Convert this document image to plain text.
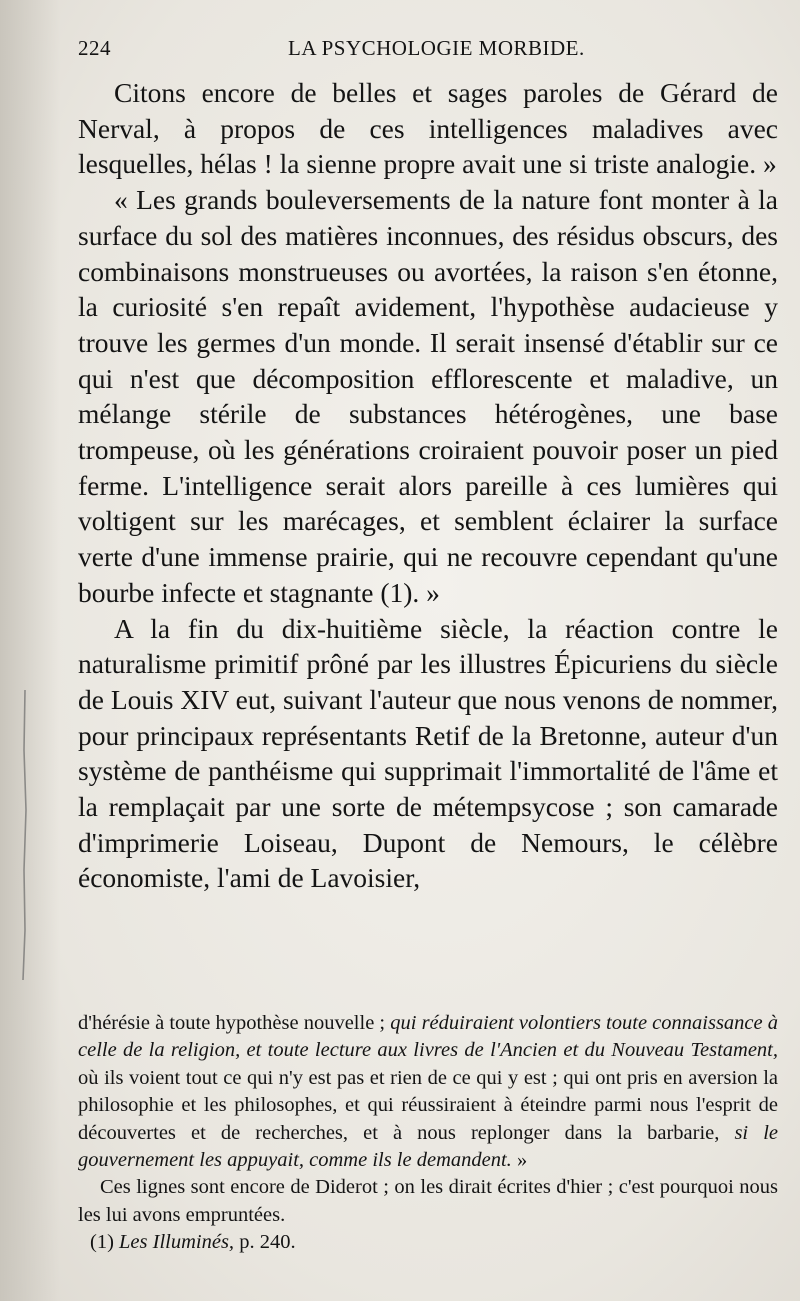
224	LA PSYCHOLOGIE MORBIDE.

Citons encore de belles et sages paroles de Gérard de Nerval, à propos de ces intelligences maladives avec lesquelles, hélas ! la sienne propre avait une si triste analogie. »

« Les grands bouleversements de la nature font monter à la surface du sol des matières inconnues, des résidus obscurs, des combinaisons monstrueuses ou avortées, la raison s'en étonne, la curiosité s'en repaît avidement, l'hypothèse audacieuse y trouve les germes d'un monde. Il serait insensé d'établir sur ce qui n'est que décomposition efflorescente et maladive, un mélange stérile de substances hétérogènes, une base trompeuse, où les générations croiraient pouvoir poser un pied ferme. L'intelligence serait alors pareille à ces lumières qui voltigent sur les marécages, et semblent éclairer la surface verte d'une immense prairie, qui ne recouvre cependant qu'une bourbe infecte et stagnante (1). »

A la fin du dix-huitième siècle, la réaction contre le naturalisme primitif prôné par les illustres Épicuriens du siècle de Louis XIV eut, suivant l'auteur que nous venons de nommer, pour principaux représentants Retif de la Bretonne, auteur d'un système de panthéisme qui supprimait l'immortalité de l'âme et la remplaçait par une sorte de métempsycose ; son camarade d'imprimerie Loiseau, Dupont de Nemours, le célèbre économiste, l'ami de Lavoisier,

d'hérésie à toute hypothèse nouvelle ; qui réduiraient volontiers toute connaissance à celle de la religion, et toute lecture aux livres de l'Ancien et du Nouveau Testament, où ils voient tout ce qui n'y est pas et rien de ce qui y est ; qui ont pris en aversion la philosophie et les philosophes, et qui réussiraient à éteindre parmi nous l'esprit de découvertes et de recherches, et à nous replonger dans la barbarie, si le gouvernement les appuyait, comme ils le demandent. »

Ces lignes sont encore de Diderot ; on les dirait écrites d'hier ; c'est pourquoi nous les lui avons empruntées.

(1) Les Illuminés, p. 240.
